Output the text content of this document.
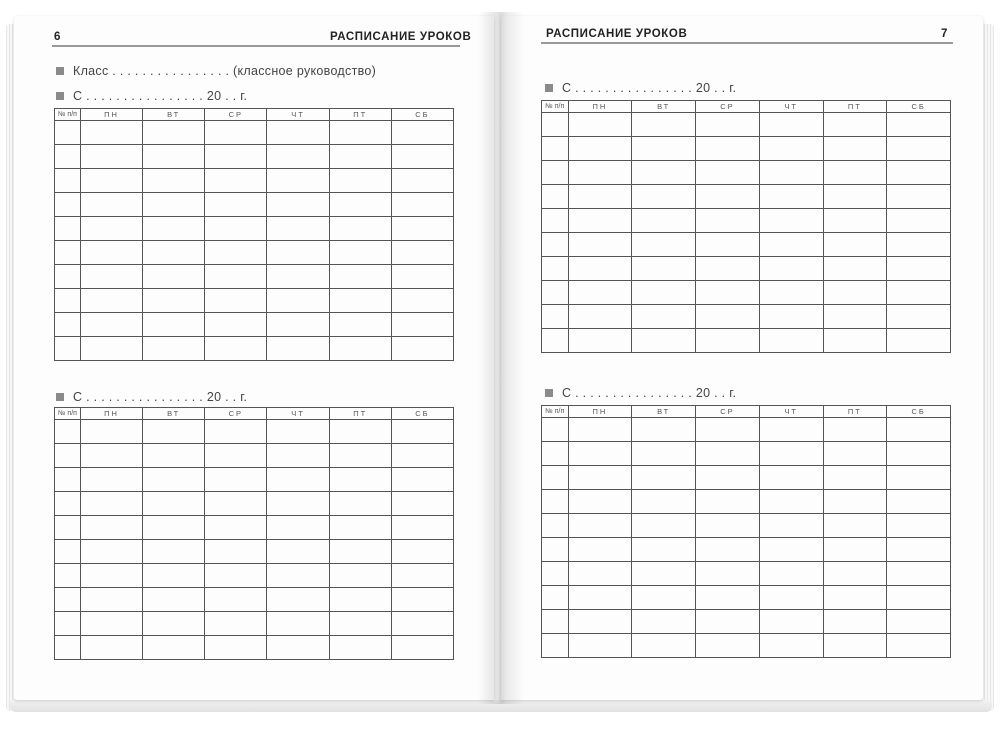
6	РАСПИСАНИЕ УРОКОВ
Класс . . . . . . . . . . . . . . . . (классное руководство)
С . . . . . . . . . . . . . . . . 20 . . г.
№ п/п	ПН	ВТ	СР	ЧТ	ПТ	СБ

С . . . . . . . . . . . . . . . . 20 . . г.
№ п/п	ПН	ВТ	СР	ЧТ	ПТ	СБ

РАСПИСАНИЕ УРОКОВ	7
С . . . . . . . . . . . . . . . . 20 . . г.
№ п/п	ПН	ВТ	СР	ЧТ	ПТ	СБ

С . . . . . . . . . . . . . . . . 20 . . г.
№ п/п	ПН	ВТ	СР	ЧТ	ПТ	СБ
